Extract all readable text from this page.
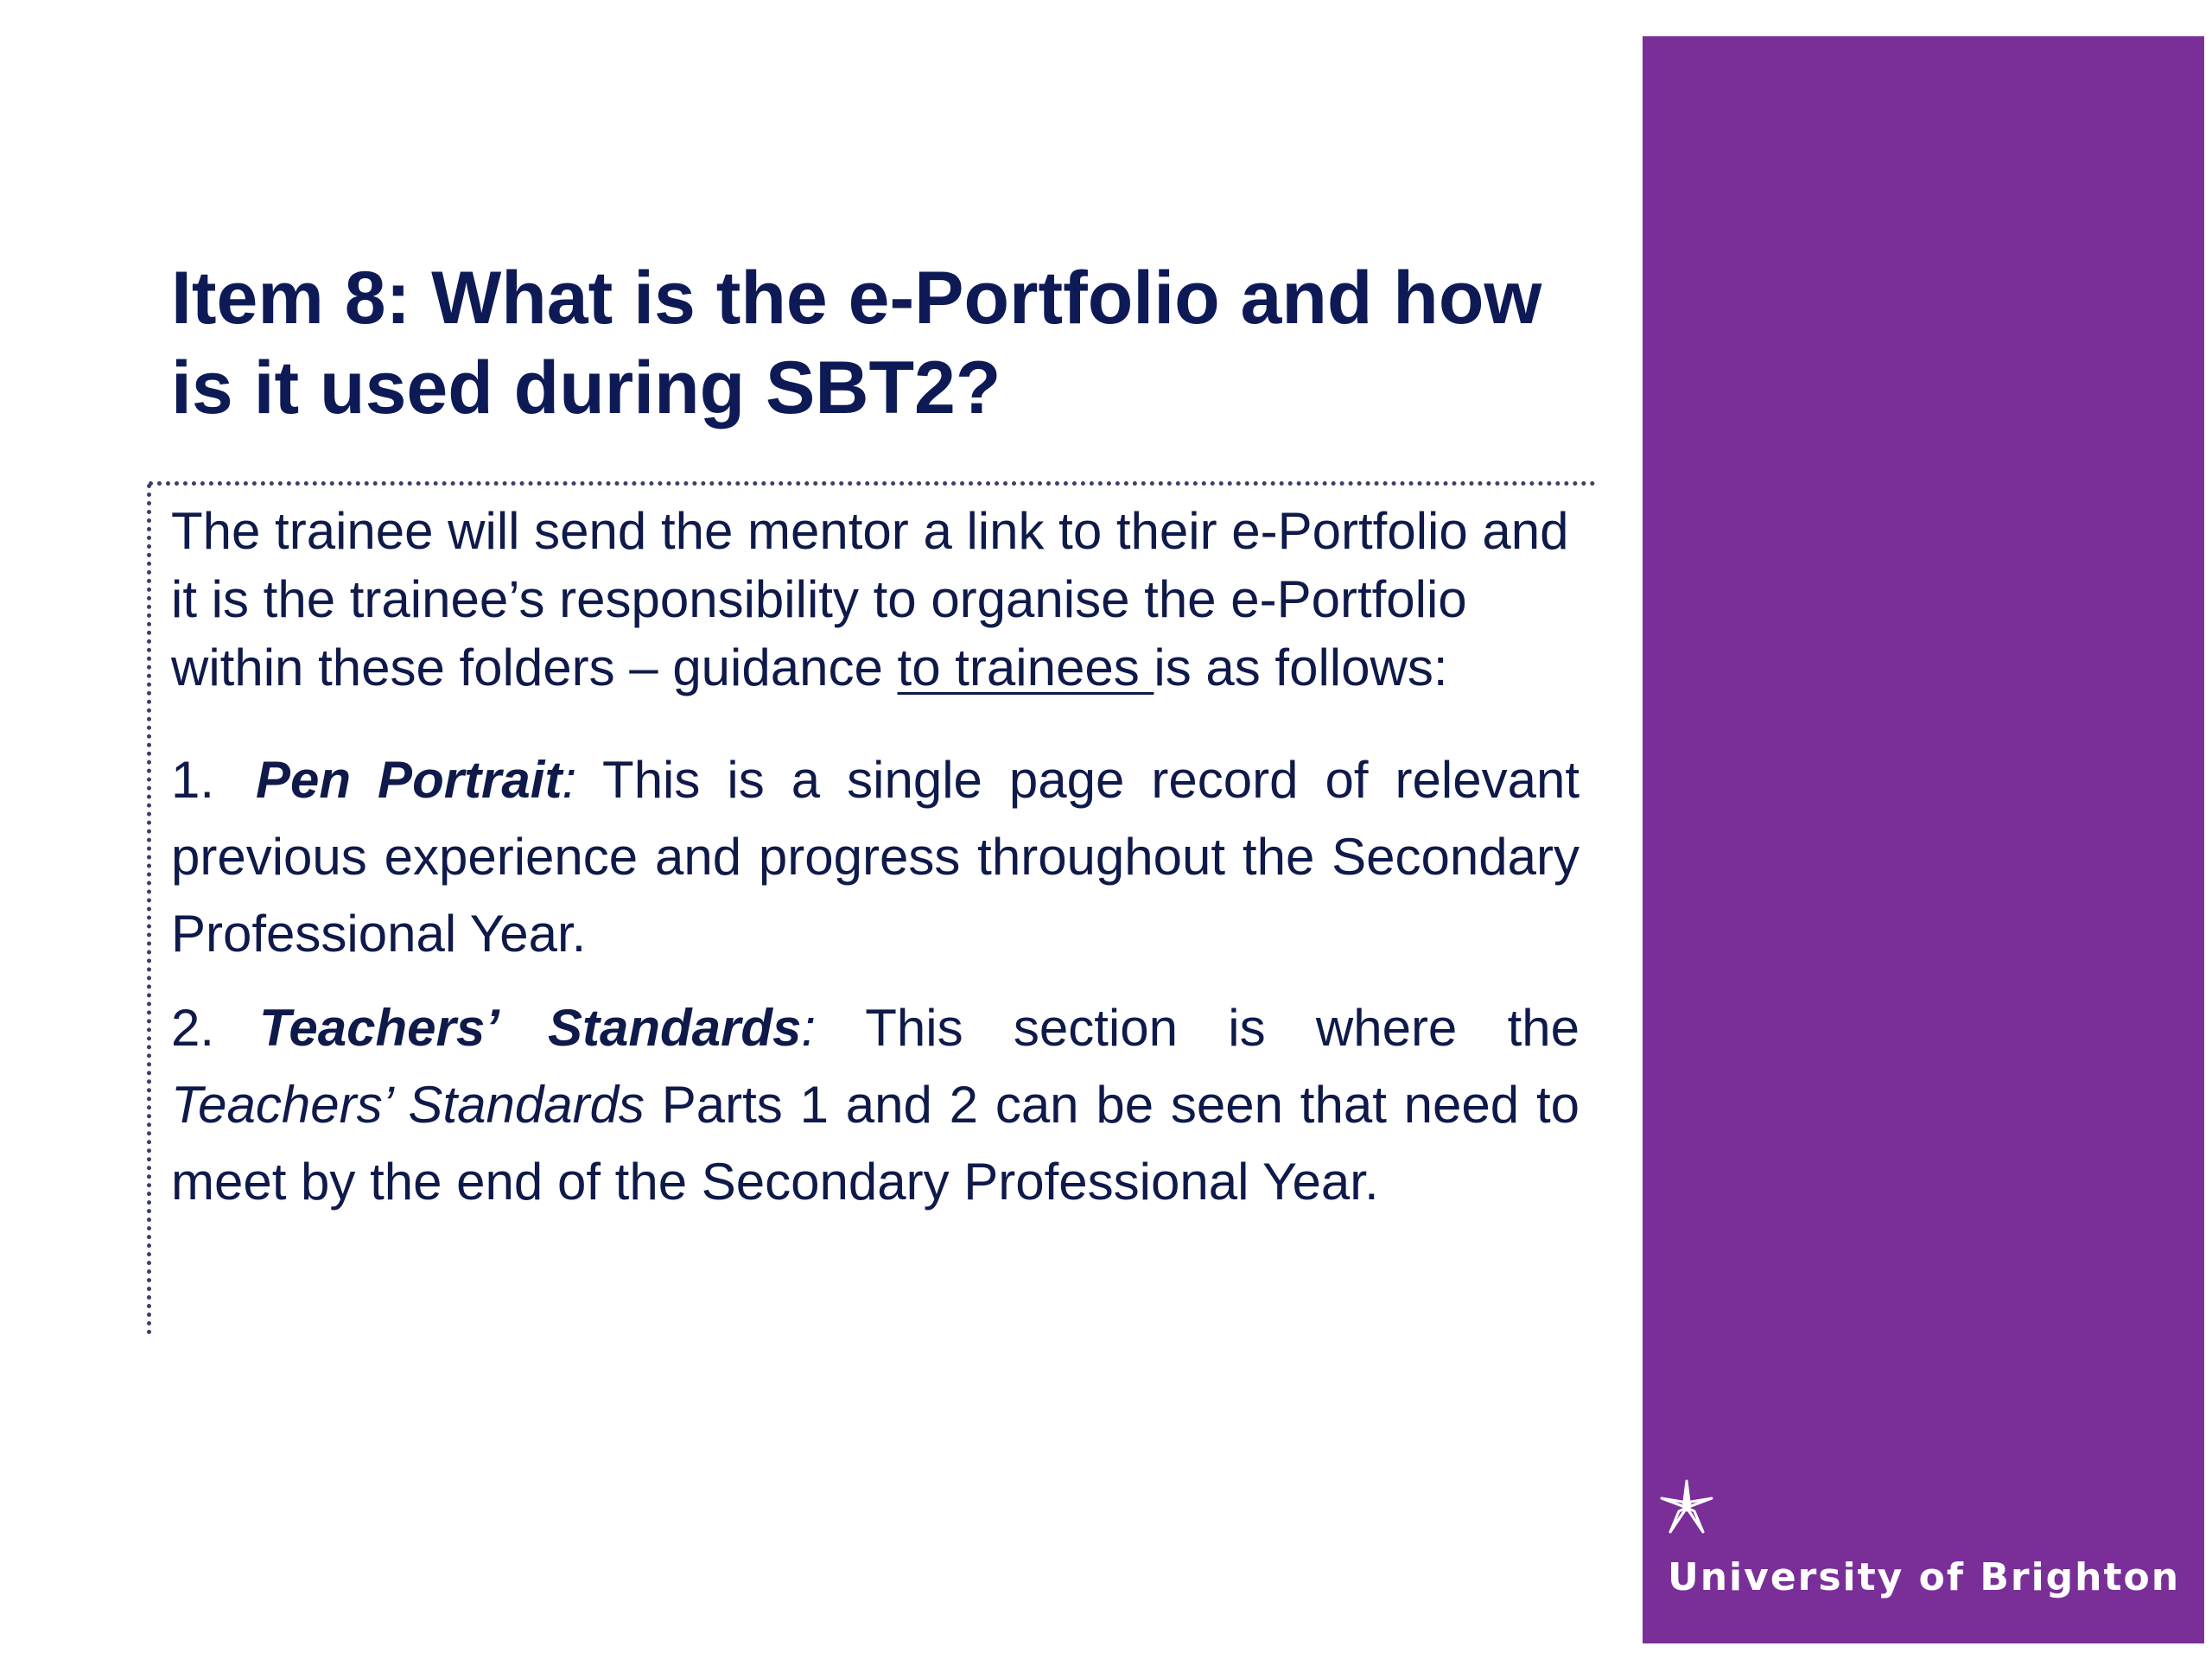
Item 8: What is the e-Portfolio and how is it used during SBT2?

The trainee will send the mentor a link to their e-Portfolio and it is the trainee’s responsibility to organise the e-Portfolio within these folders – guidance to trainees is as follows:

1. Pen Portrait: This is a single page record of relevant previous experience and progress throughout the Secondary Professional Year.

2. Teachers’ Standards: This section is where the Teachers’ Standards Parts 1 and 2 can be seen that need to meet by the end of the Secondary Professional Year.

University of Brighton
